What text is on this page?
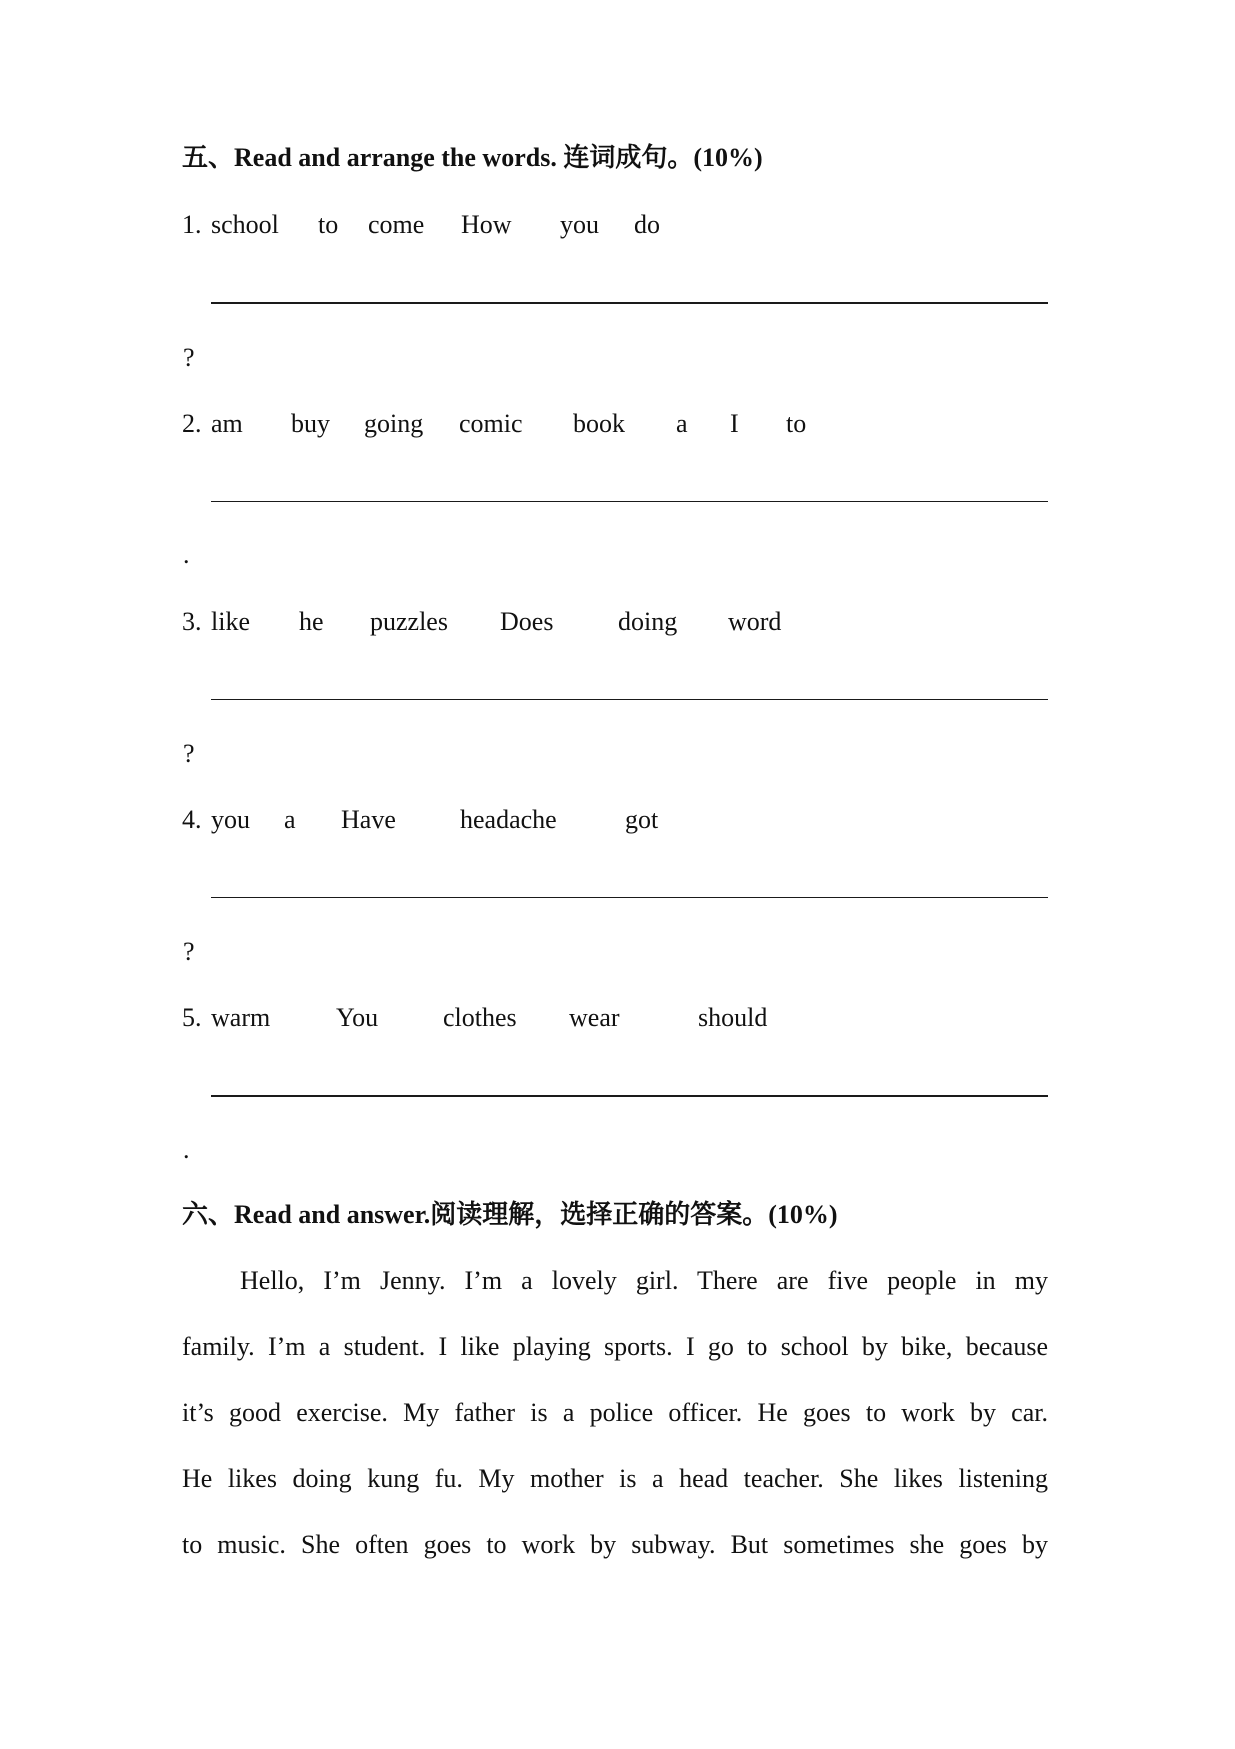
五、Read and arrange the words. 连词成句。(10%)
1. school to come How you do
?
2. am buy going comic book a I to
.
3. like he puzzles Does doing word
?
4. you a Have headache	got
?
5. warm	You clothes wear	should
.
六、Read and answer.阅读理解，选择正确的答案。(10%)
Hello, I’m Jenny. I’m a lovely girl. There are five people in my
family. I’m a student. I like playing sports. I go to school by bike, because
it’s good exercise. My father is a police officer. He goes to work by car.
He likes doing kung fu. My mother is a head teacher. She likes listening
to music. She often goes to work by subway. But sometimes she goes by
